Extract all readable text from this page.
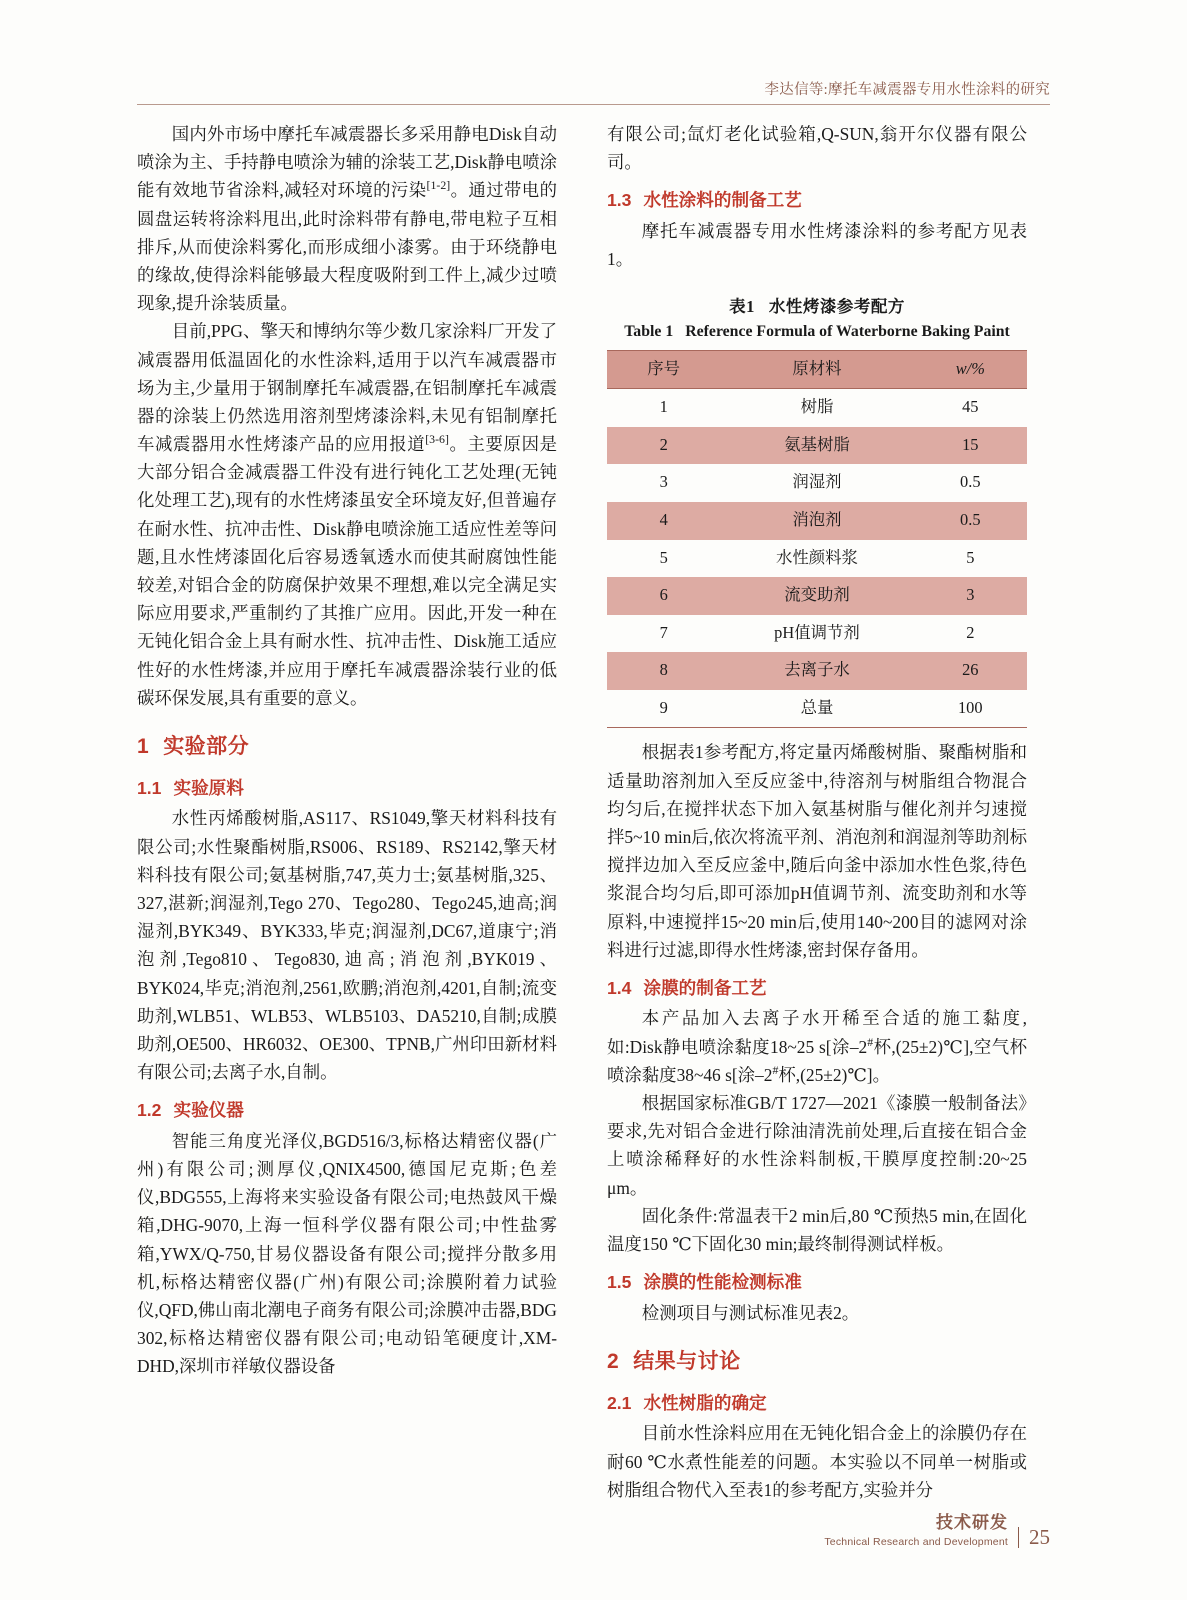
李达信等:摩托车减震器专用水性涂料的研究

国内外市场中摩托车减震器长多采用静电Disk自动喷涂为主、手持静电喷涂为辅的涂装工艺,Disk静电喷涂能有效地节省涂料,减轻对环境的污染[1-2]。通过带电的圆盘运转将涂料甩出,此时涂料带有静电,带电粒子互相排斥,从而使涂料雾化,而形成细小漆雾。由于环绕静电的缘故,使得涂料能够最大程度吸附到工件上,减少过喷现象,提升涂装质量。

目前,PPG、擎天和博纳尔等少数几家涂料厂开发了减震器用低温固化的水性涂料,适用于以汽车减震器市场为主,少量用于钢制摩托车减震器,在铝制摩托车减震器的涂装上仍然选用溶剂型烤漆涂料,未见有铝制摩托车减震器用水性烤漆产品的应用报道[3-6]。主要原因是大部分铝合金减震器工件没有进行钝化工艺处理(无钝化处理工艺),现有的水性烤漆虽安全环境友好,但普遍存在耐水性、抗冲击性、Disk静电喷涂施工适应性差等问题,且水性烤漆固化后容易透氧透水而使其耐腐蚀性能较差,对铝合金的防腐保护效果不理想,难以完全满足实际应用要求,严重制约了其推广应用。因此,开发一种在无钝化铝合金上具有耐水性、抗冲击性、Disk施工适应性好的水性烤漆,并应用于摩托车减震器涂装行业的低碳环保发展,具有重要的意义。

1 实验部分
1.1 实验原料

水性丙烯酸树脂,AS117、RS1049,擎天材料科技有限公司;水性聚酯树脂,RS006、RS189、RS2142,擎天材料科技有限公司;氨基树脂,747,英力士;氨基树脂,325、327,湛新;润湿剂,Tego 270、Tego280、Tego245,迪高;润湿剂,BYK349、BYK333,毕克;润湿剂,DC67,道康宁;消泡剂,Tego810、Tego830,迪高;消泡剂,BYK019、BYK024,毕克;消泡剂,2561,欧鹏;消泡剂,4201,自制;流变助剂,WLB51、WLB53、WLB5103、DA5210,自制;成膜助剂,OE500、HR6032、OE300、TPNB,广州印田新材料有限公司;去离子水,自制。

1.2 实验仪器

智能三角度光泽仪,BGD516/3,标格达精密仪器(广州)有限公司;测厚仪,QNIX4500,德国尼克斯;色差仪,BDG555,上海将来实验设备有限公司;电热鼓风干燥箱,DHG-9070,上海一恒科学仪器有限公司;中性盐雾箱,YWX/Q-750,甘易仪器设备有限公司;搅拌分散多用机,标格达精密仪器(广州)有限公司;涂膜附着力试验仪,QFD,佛山南北潮电子商务有限公司;涂膜冲击器,BDG 302,标格达精密仪器有限公司;电动铅笔硬度计,XM-DHD,深圳市祥敏仪器设备

有限公司;氙灯老化试验箱,Q-SUN,翁开尔仪器有限公司。

1.3 水性涂料的制备工艺

摩托车减震器专用水性烤漆涂料的参考配方见表1。

表1 水性烤漆参考配方
Table 1 Reference Formula of Waterborne Baking Paint
序号	原材料	w/%
1	树脂	45
2	氨基树脂	15
3	润湿剂	0.5
4	消泡剂	0.5
5	水性颜料浆	5
6	流变助剂	3
7	pH值调节剂	2
8	去离子水	26
9	总量	100

根据表1参考配方,将定量丙烯酸树脂、聚酯树脂和适量助溶剂加入至反应釜中,待溶剂与树脂组合物混合均匀后,在搅拌状态下加入氨基树脂与催化剂并匀速搅拌5~10 min后,依次将流平剂、消泡剂和润湿剂等助剂标搅拌边加入至反应釜中,随后向釜中添加水性色浆,待色浆混合均匀后,即可添加pH值调节剂、流变助剂和水等原料,中速搅拌15~20 min后,使用140~200目的滤网对涂料进行过滤,即得水性烤漆,密封保存备用。

1.4 涂膜的制备工艺

本产品加入去离子水开稀至合适的施工黏度,如:Disk静电喷涂黏度18~25 s[涂–2#杯,(25±2)℃],空气杯喷涂黏度38~46 s[涂–2#杯,(25±2)℃]。

根据国家标准GB/T 1727—2021《漆膜一般制备法》要求,先对铝合金进行除油清洗前处理,后直接在铝合金上喷涂稀释好的水性涂料制板,干膜厚度控制:20~25 μm。

固化条件:常温表干2 min后,80 ℃预热5 min,在固化温度150 ℃下固化30 min;最终制得测试样板。

1.5 涂膜的性能检测标准

检测项目与测试标准见表2。

2 结果与讨论
2.1 水性树脂的确定

目前水性涂料应用在无钝化铝合金上的涂膜仍存在耐60 ℃水煮性能差的问题。本实验以不同单一树脂或树脂组合物代入至表1的参考配方,实验并分

技术研发
Technical Research and Development	25
